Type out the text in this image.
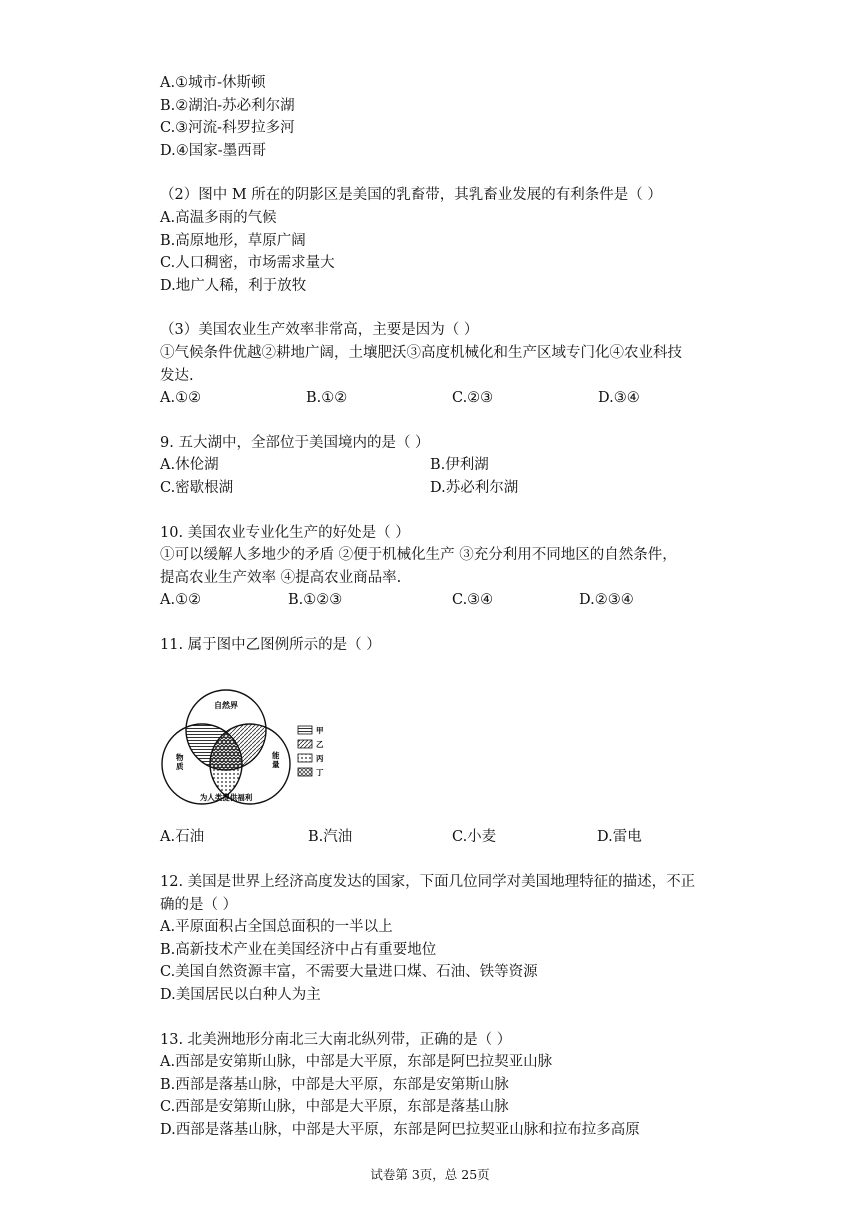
A.①城市-休斯顿
B.②湖泊-苏必利尔湖
C.③河流-科罗拉多河
D.④国家-墨西哥
（2）图中 M 所在的阴影区是美国的乳畜带，其乳畜业发展的有利条件是（ ）
A.高温多雨的气候
B.高原地形，草原广阔
C.人口稠密，市场需求量大
D.地广人稀，利于放牧
（3）美国农业生产效率非常高，主要是因为（ ）
①气候条件优越②耕地广阔，土壤肥沃③高度机械化和生产区域专门化④农业科技
发达.
A.①②	B.①②	C.②③	D.③④
9. 五大湖中，全部位于美国境内的是（ ）
A.休伦湖	B.伊利湖
C.密歇根湖	D.苏必利尔湖
10. 美国农业专业化生产的好处是（ ）
①可以缓解人多地少的矛盾 ②便于机械化生产 ③充分利用不同地区的自然条件，
提高农业生产效率 ④提高农业商品率.
A.①②	B.①②③	C.③④	D.②③④
11. 属于图中乙图例所示的是（ ）
自然界
物 质
能 量
为人类提供福利
甲
乙
丙
丁
A.石油	B.汽油	C.小麦	D.雷电
12. 美国是世界上经济高度发达的国家，下面几位同学对美国地理特征的描述，不正
确的是（ ）
A.平原面积占全国总面积的一半以上
B.高新技术产业在美国经济中占有重要地位
C.美国自然资源丰富，不需要大量进口煤、石油、铁等资源
D.美国居民以白种人为主
13. 北美洲地形分南北三大南北纵列带，正确的是（ ）
A.西部是安第斯山脉，中部是大平原，东部是阿巴拉契亚山脉
B.西部是落基山脉，中部是大平原，东部是安第斯山脉
C.西部是安第斯山脉，中部是大平原，东部是落基山脉
D.西部是落基山脉，中部是大平原，东部是阿巴拉契亚山脉和拉布拉多高原
试卷第 3页，总 25页
